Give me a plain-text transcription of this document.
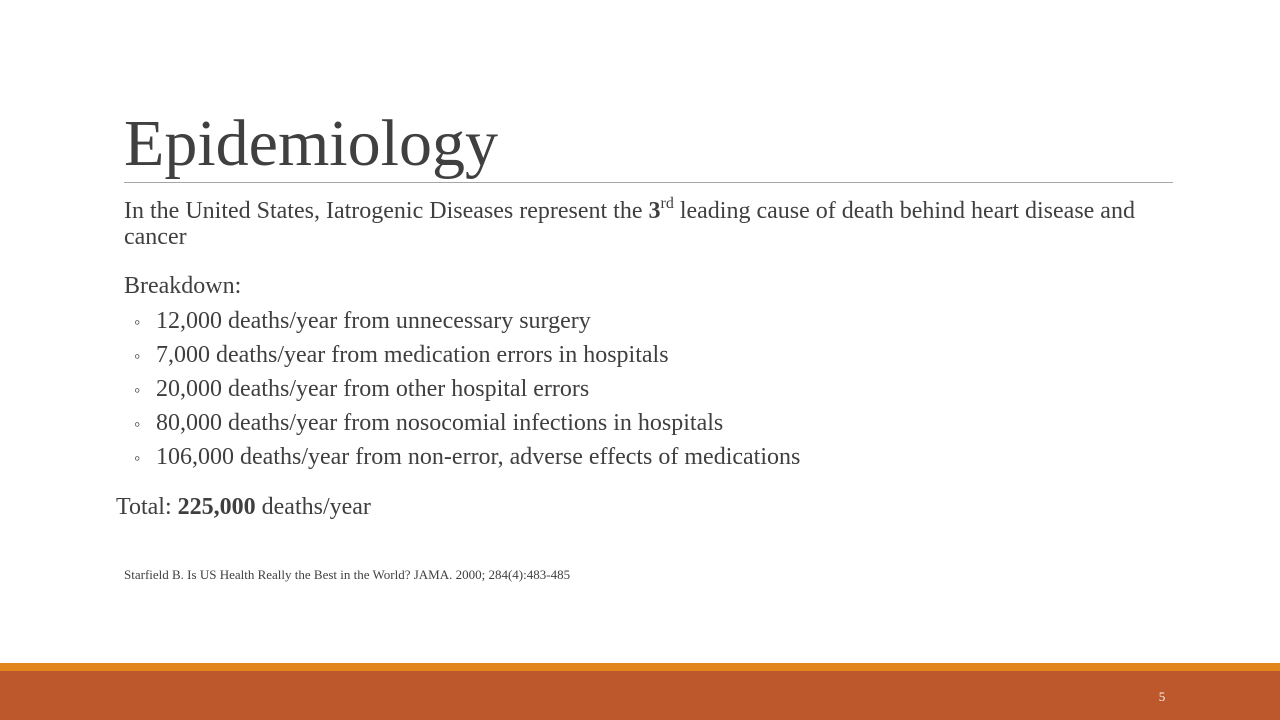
Epidemiology
In the United States, Iatrogenic Diseases represent the 3rd leading cause of death behind heart disease and cancer
Breakdown:
◦ 12,000 deaths/year from unnecessary surgery
◦ 7,000 deaths/year from medication errors in hospitals
◦ 20,000 deaths/year from other hospital errors
◦ 80,000 deaths/year from nosocomial infections in hospitals
◦ 106,000 deaths/year from non-error, adverse effects of medications
Total: 225,000 deaths/year
Starfield B. Is US Health Really the Best in the World? JAMA. 2000; 284(4):483-485
5
